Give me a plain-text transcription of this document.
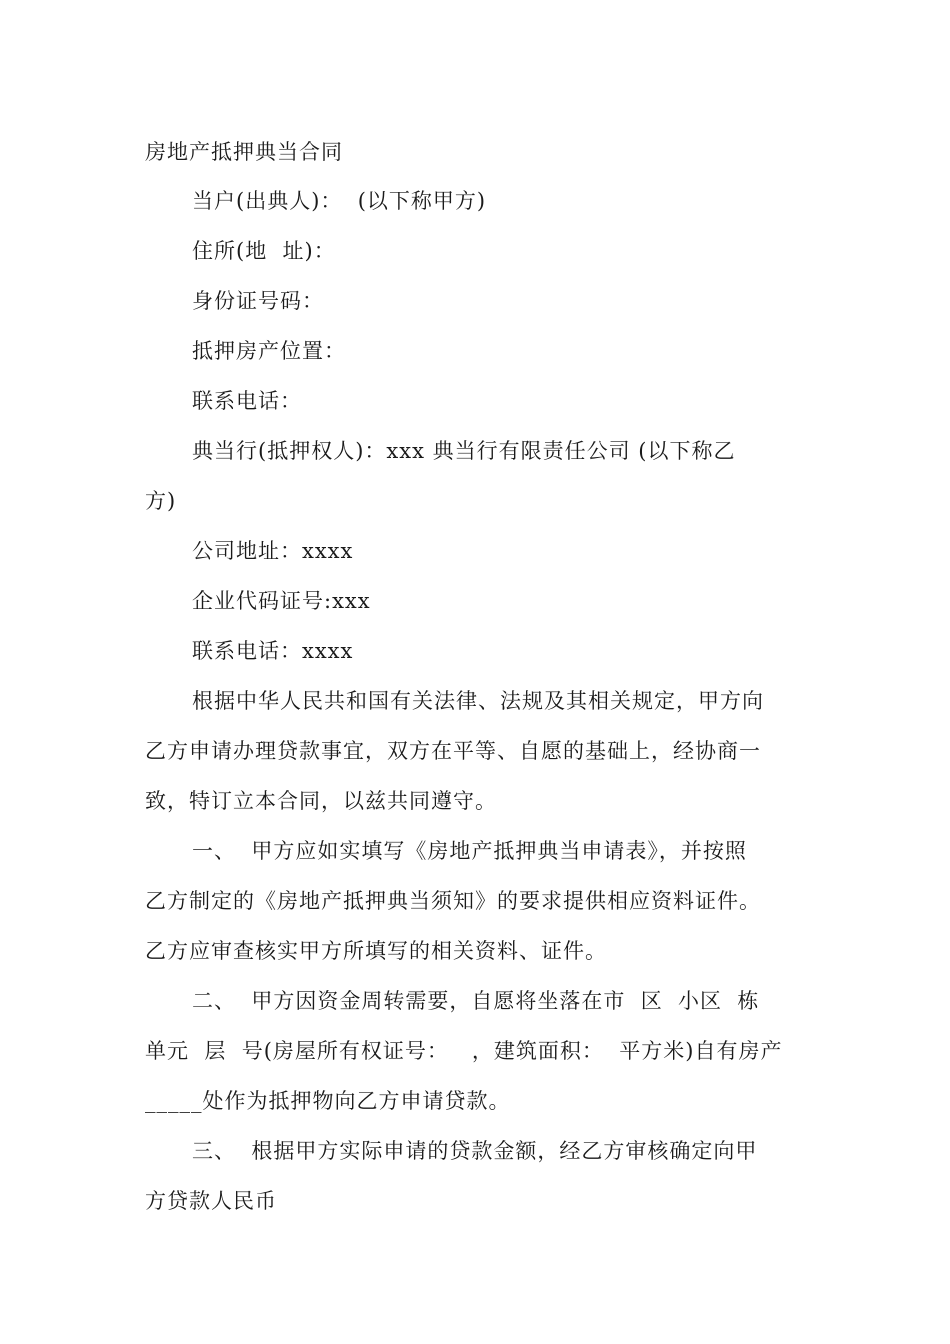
房地产抵押典当合同
当户(出典人)：  (以下称甲方)
住所(地  址)：
身份证号码：
抵押房产位置：
联系电话：
典当行(抵押权人)：xxx 典当行有限责任公司 (以下称乙
方)
公司地址：xxxx
企业代码证号:xxx
联系电话：xxxx
根据中华人民共和国有关法律、法规及其相关规定，甲方向
乙方申请办理贷款事宜，双方在平等、自愿的基础上，经协商一
致，特订立本合同，以兹共同遵守。
一、  甲方应如实填写《房地产抵押典当申请表》，并按照
乙方制定的《房地产抵押典当须知》的要求提供相应资料证件。
乙方应审查核实甲方所填写的相关资料、证件。
二、  甲方因资金周转需要，自愿将坐落在市  区  小区  栋
单元  层  号(房屋所有权证号：   ，建筑面积：  平方米)自有房产
_____处作为抵押物向乙方申请贷款。
三、  根据甲方实际申请的贷款金额，经乙方审核确定向甲
方贷款人民币
